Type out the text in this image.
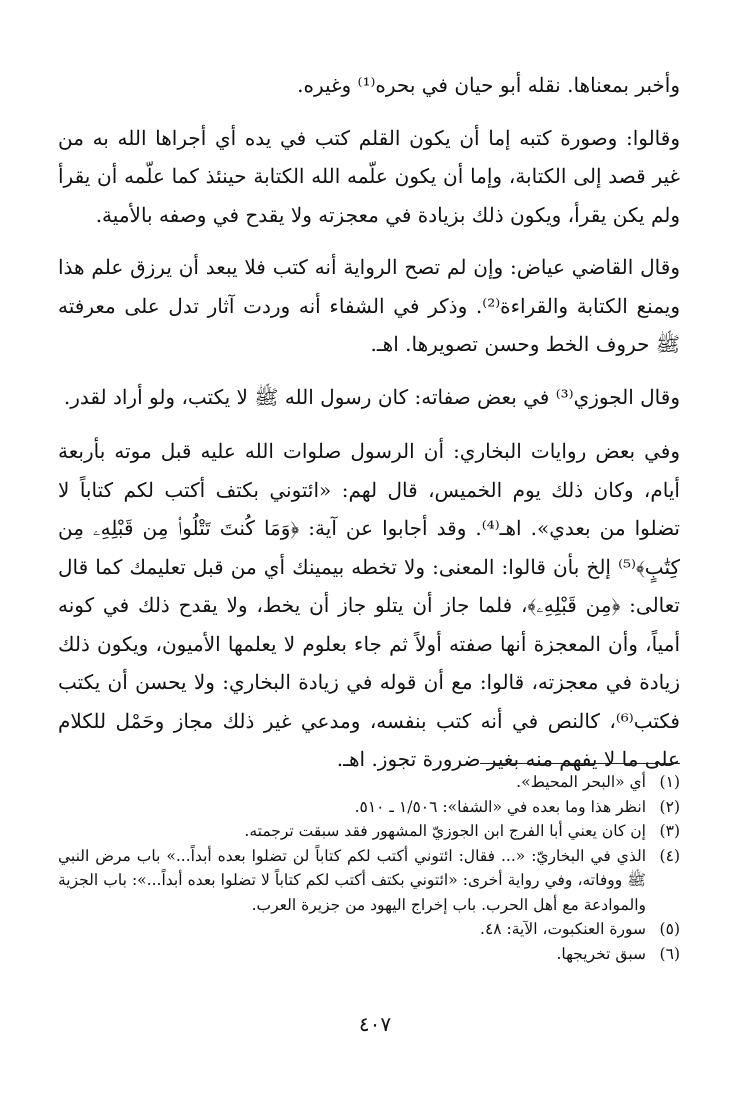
وأخبر بمعناها. نقله أبو حيان في بحره⁽¹⁾ وغيره.

وقالوا: وصورة كتبه إما أن يكون القلم كتب في يده أي أجراها الله به من غير قصد إلى الكتابة، وإما أن يكون علّمه الله الكتابة حينئذ كما علّمه أن يقرأ ولم يكن يقرأ، ويكون ذلك بزيادة في معجزته ولا يقدح في وصفه بالأمية.

وقال القاضي عياض: وإن لم تصح الرواية أنه كتب فلا يبعد أن يرزق علم هذا ويمنع الكتابة والقراءة⁽²⁾. وذكر في الشفاء أنه وردت آثار تدل على معرفته ﷺ حروف الخط وحسن تصويرها. اهـ.

وقال الجوزي⁽³⁾ في بعض صفاته: كان رسول الله ﷺ لا يكتب، ولو أراد لقدر.

وفي بعض روايات البخاري: أن الرسول صلوات الله عليه قبل موته بأربعة أيام، وكان ذلك يوم الخميس، قال لهم: «ائتوني بكتف أكتب لكم كتاباً لا تضلوا من بعدي». اهـ⁽⁴⁾. وقد أجابوا عن آية: ﴿وَمَا كُنتَ تَتْلُوا۟ مِن قَبْلِهِۦ مِن كِتَٰبٍ﴾⁽⁵⁾ إلخ بأن قالوا: المعنى: ولا تخطه بيمينك أي من قبل تعليمك كما قال تعالى: ﴿مِن قَبْلِهِۦ﴾، فلما جاز أن يتلو جاز أن يخط، ولا يقدح ذلك في كونه أمياً، وأن المعجزة أنها صفته أولاً ثم جاء بعلوم لا يعلمها الأميون، ويكون ذلك زيادة في معجزته، قالوا: مع أن قوله في زيادة البخاري: ولا يحسن أن يكتب فكتب⁽⁶⁾، كالنص في أنه كتب بنفسه، ومدعي غير ذلك مجاز وحَمْل للكلام على ما لا يفهم منه بغير ضرورة تجوز. اهـ.

(١)
أي «البحر المحيط».
(٢)
انظر هذا وما بعده في «الشفا»: ١/٥٠٦ ـ ٥١٠.
(٣)
إن كان يعني أبا الفرج ابن الجوزيّ المشهور فقد سبقت ترجمته.
(٤)
الذي في البخاريّ: «... فقال: ائتوني أكتب لكم كتاباً لن تضلوا بعده أبداً...» باب مرض النبي ﷺ ووفاته، وفي رواية أخرى: «ائتوني بكتف أكتب لكم كتاباً لا تضلوا بعده أبداً...»: باب الجزية والموادعة مع أهل الحرب. باب إخراج اليهود من جزيرة العرب.
(٥)
سورة العنكبوت، الآية: ٤٨.
(٦)
سبق تخريجها.
٤٠٧
